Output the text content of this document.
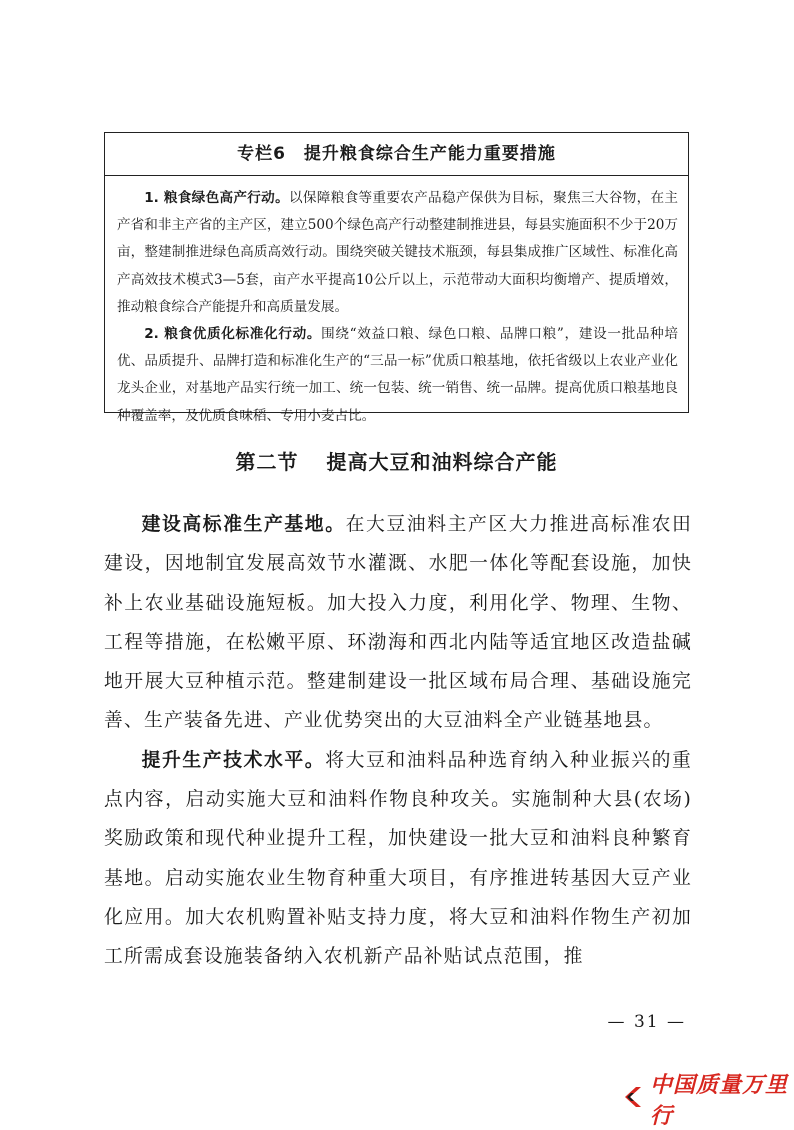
专栏6　提升粮食综合生产能力重要措施

1. 粮食绿色高产行动。以保障粮食等重要农产品稳产保供为目标，聚焦三大谷物，在主产省和非主产省的主产区，建立500个绿色高产行动整建制推进县，每县实施面积不少于20万亩，整建制推进绿色高质高效行动。围绕突破关键技术瓶颈，每县集成推广区域性、标准化高产高效技术模式3—5套，亩产水平提高10公斤以上，示范带动大面积均衡增产、提质增效，推动粮食综合产能提升和高质量发展。

2. 粮食优质化标准化行动。围绕“效益口粮、绿色口粮、品牌口粮”，建设一批品种培优、品质提升、品牌打造和标准化生产的“三品一标”优质口粮基地，依托省级以上农业产业化龙头企业，对基地产品实行统一加工、统一包装、统一销售、统一品牌。提高优质口粮基地良种覆盖率，及优质食味稻、专用小麦占比。

第二节 提高大豆和油料综合产能

建设高标准生产基地。在大豆油料主产区大力推进高标准农田建设，因地制宜发展高效节水灌溉、水肥一体化等配套设施，加快补上农业基础设施短板。加大投入力度，利用化学、物理、生物、工程等措施，在松嫩平原、环渤海和西北内陆等适宜地区改造盐碱地开展大豆种植示范。整建制建设一批区域布局合理、基础设施完善、生产装备先进、产业优势突出的大豆油料全产业链基地县。

提升生产技术水平。将大豆和油料品种选育纳入种业振兴的重点内容，启动实施大豆和油料作物良种攻关。实施制种大县(农场)奖励政策和现代种业提升工程，加快建设一批大豆和油料良种繁育基地。启动实施农业生物育种重大项目，有序推进转基因大豆产业化应用。加大农机购置补贴支持力度，将大豆和油料作物生产初加工所需成套设施装备纳入农机新产品补贴试点范围，推

— 31 —
中国质量万里行
